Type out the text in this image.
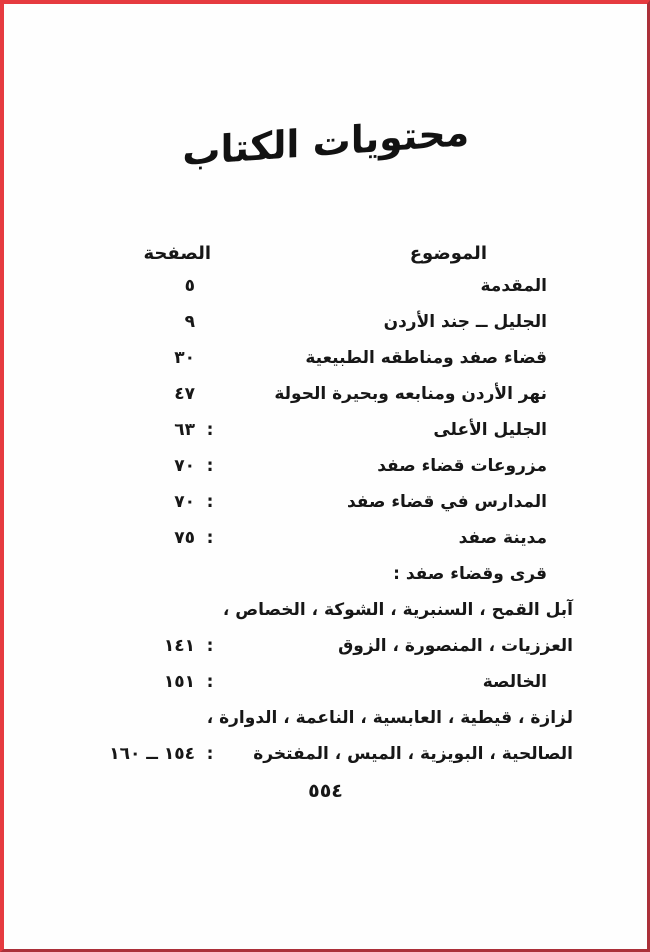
محتويات الكتاب
الموضوع
الصفحة
المقدمة
٥
الجليل ــ جند الأردن
٩
قضاء صفد ومناطقه الطبيعية
٣٠
نهر الأردن ومنابعه وبحيرة الحولة
٤٧
الجليل الأعلى
:
٦٣
مزروعات قضاء صفد
:
٧٠
المدارس في قضاء صفد
:
٧٠
مدينة صفد
:
٧٥
قرى وقضاء صفد :
آبل القمح ، السنبرية ، الشوكة ، الخصاص ،
العززيات ، المنصورة ، الزوق
:
١٤١
الخالصة
:
١٥١
لزازة ، قيطية ، العابسية ، الناعمة ، الدوارة ،
الصالحية ، البويزية ، الميس ، المفتخرة
:
١٥٤ ــ ١٦٠
٥٥٤
